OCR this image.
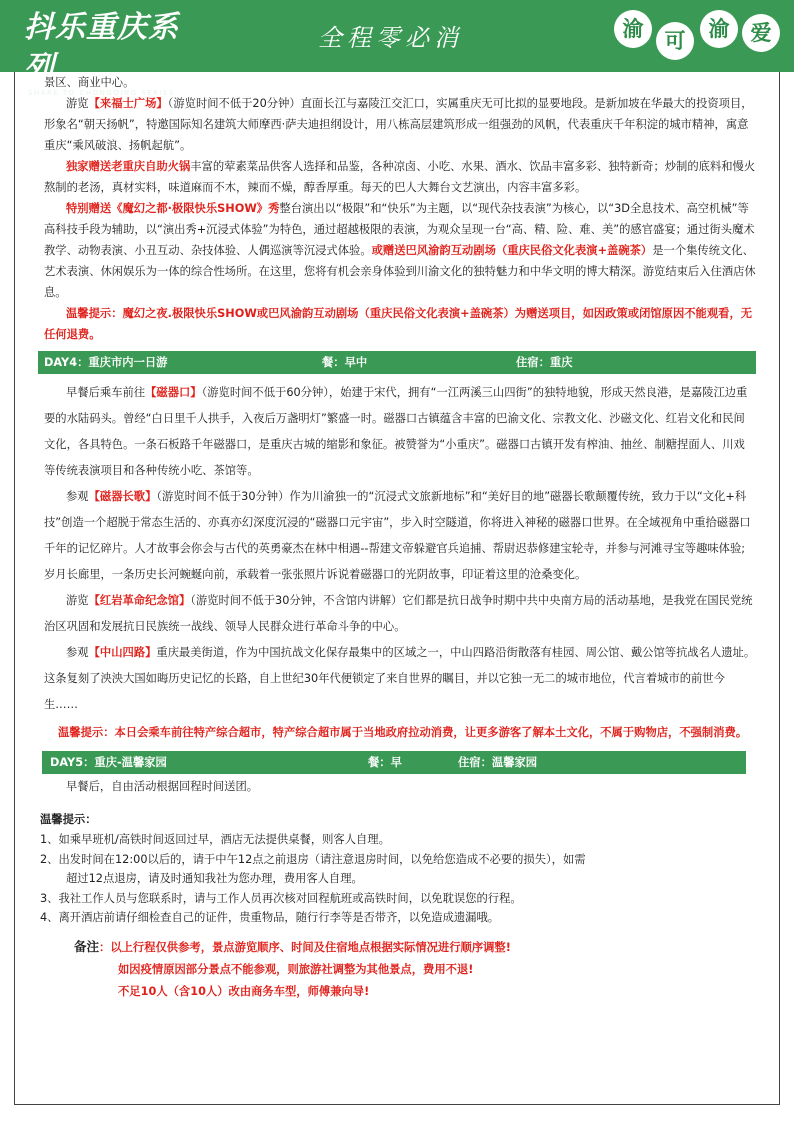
抖乐重庆系列
SHARE TO CHONGQING SERIES
全程零必消	渝	可	渝	爱

景区、商业中心。

游览【来福士广场】（游览时间不低于20分钟）直面长江与嘉陵江交汇口，实属重庆无可比拟的显要地段。是新加坡在华最大的投资项目，形象名“朝天扬帆”，特邀国际知名建筑大师摩西·萨夫迪担纲设计，用八栋高层建筑形成一组强劲的风帆，代表重庆千年积淀的城市精神，寓意重庆“乘风破浪、扬帆起航”。

独家赠送老重庆自助火锅丰富的荤素菜品供客人选择和品鉴，各种凉卤、小吃、水果、酒水、饮品丰富多彩、独特新奇；炒制的底料和慢火熬制的老汤，真材实料，味道麻而不木，辣而不燥，醇香厚重。每天的巴人大舞台文艺演出，内容丰富多彩。

特别赠送《魔幻之都·极限快乐SHOW》秀整台演出以“极限”和“快乐”为主题，以“现代杂技表演”为核心，以“3D全息技术、高空机械”等高科技手段为辅助，以“演出秀+沉浸式体验”为特色，通过超越极限的表演，为观众呈现一台“高、精、险、难、美”的感官盛宴；通过街头魔术教学、动物表演、小丑互动、杂技体验、人偶巡演等沉浸式体验。或赠送巴风渝韵互动剧场（重庆民俗文化表演+盖碗茶）是一个集传统文化、艺术表演、休闲娱乐为一体的综合性场所。在这里，您将有机会亲身体验到川渝文化的独特魅力和中华文明的博大精深。游览结束后入住酒店休息。

温馨提示：魔幻之夜.极限快乐SHOW或巴风渝韵互动剧场（重庆民俗文化表演+盖碗茶）为赠送项目，如因政策或闭馆原因不能观看，无任何退费。

DAY4：重庆市内一日游	餐：早中	住宿：重庆

早餐后乘车前往【磁器口】（游览时间不低于60分钟），始建于宋代，拥有“一江两溪三山四街”的独特地貌，形成天然良港，是嘉陵江边重要的水陆码头。曾经“白日里千人拱手，入夜后万盏明灯”繁盛一时。磁器口古镇蕴含丰富的巴渝文化、宗教文化、沙磁文化、红岩文化和民间文化，各具特色。一条石板路千年磁器口，是重庆古城的缩影和象征。被赞誉为“小重庆”。磁器口古镇开发有榨油、抽丝、制糖捏面人、川戏等传统表演项目和各种传统小吃、茶馆等。

参观【磁器长歌】（游览时间不低于30分钟）作为川渝独一的“沉浸式文旅新地标”和“美好目的地”磁器长歌颠覆传统，致力于以“文化+科技”创造一个超脱于常态生活的、亦真亦幻深度沉浸的“磁器口元宇宙”，步入时空隧道，你将进入神秘的磁器口世界。在全域视角中重拾磁器口千年的记忆碎片。人才故事会你会与古代的英勇豪杰在林中相遇--帮建文帝躲避官兵追捕、帮尉迟恭修建宝轮寺，并参与河滩寻宝等趣味体验;岁月长廊里，一条历史长河蜿蜒向前，承载着一张张照片诉说着磁器口的光阴故事，印证着这里的沧桑变化。

游览【红岩革命纪念馆】（游览时间不低于30分钟，不含馆内讲解）它们都是抗日战争时期中共中央南方局的活动基地，是我党在国民党统治区巩固和发展抗日民族统一战线、领导人民群众进行革命斗争的中心。

参观【中山四路】重庆最美街道，作为中国抗战文化保存最集中的区域之一，中山四路沿街散落有桂园、周公馆、戴公馆等抗战名人遗址。这条复刻了泱泱大国如晦历史记忆的长路，自上世纪30年代便锁定了来自世界的瞩目，并以它独一无二的城市地位，代言着城市的前世今生……

温馨提示：本日会乘车前往特产综合超市，特产综合超市属于当地政府拉动消费，让更多游客了解本土文化，不属于购物店，不强制消费。

DAY5：重庆-温馨家园	餐：早	住宿：温馨家园

早餐后，自由活动根据回程时间送团。

温馨提示：

1、如乘早班机/高铁时间返回过早，酒店无法提供桌餐，则客人自理。

2、出发时间在12:00以后的，请于中午12点之前退房（请注意退房时间，以免给您造成不必要的损失），如需

超过12点退房，请及时通知我社为您办理，费用客人自理。

3、我社工作人员与您联系时，请与工作人员再次核对回程航班或高铁时间，以免耽误您的行程。

4、离开酒店前请仔细检查自己的证件，贵重物品，随行行李等是否带齐，以免造成遗漏哦。

备注：以上行程仅供参考，景点游览顺序、时间及住宿地点根据实际情况进行顺序调整!
如因疫情原因部分景点不能参观，则旅游社调整为其他景点，费用不退!
不足10人（含10人）改由商务车型，师傅兼向导!
